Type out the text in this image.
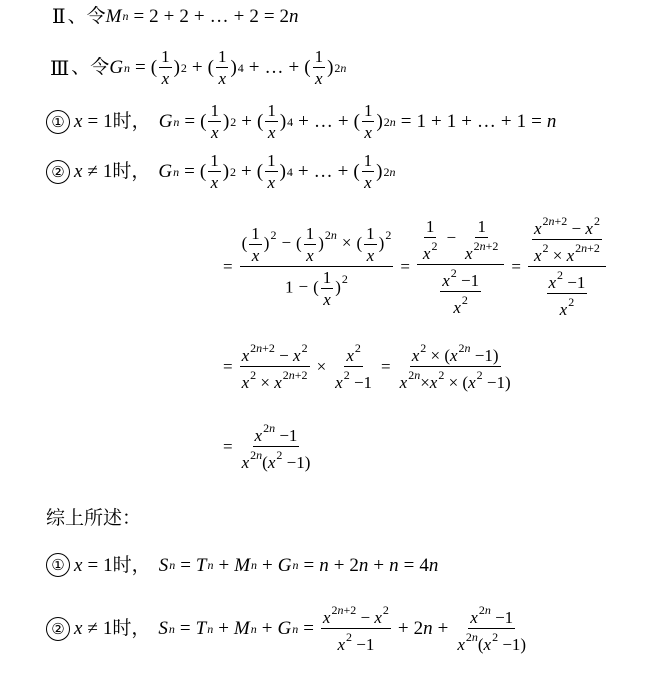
Ⅱ 、令 M n = 2 + 2 + … + 2 = 2 n
Ⅲ 、令 G n = ( $\frac{1}{x}$ ) 2 + ( $\frac{1}{x}$ ) 4 + … + ( $\frac{1}{x}$ ) 2n
① x = 1 时 ， G n = ( $\frac{1}{x}$ ) 2 + ( $\frac{1}{x}$ ) 4 + … + ( $\frac{1}{x}$ ) 2n = 1 + 1 + … + 1 = n
② x ≠ 1 时 ， G n = ( $\frac{1}{x}$ ) 2 + ( $\frac{1}{x}$ ) 4 + … + ( $\frac{1}{x}$ ) 2n
= $\frac{( \frac{1}{x} )^2 - ( \frac{1}{x} )^{2n} \times ( \frac{1}{x} )^2}{1 - ( \frac{1}{x} )^2} = \frac{\frac{1}{x^2} - \frac{1}{x^{2n+2}}}{\frac{x^2 -1}{x^2}} = \frac{\frac{x^{2n+2} - x^2}{x^2 \times x^{2n+2}}}{\frac{x^2 -1}{x^2}}$
= $\frac{x^{2n+2} - x^2}{x^2 \times x^{2n+2}} \times \frac{x^2}{x^2 -1} = \frac{x^2 \times (x^{2n} -1)}{x^{2n}\times x^2 \times (x^2 -1)}$
= $\frac{x^{2n} -1}{x^{2n}(x^2 -1)}$
综上所述：
① x = 1 时 ， S n = T n + M n + G n = n + 2 n + n = 4 n
② x ≠ 1 时 ， S n = T n + M n + G $n = \frac{x^{2n+2} - x^2}{x^2 -1} + 2$ $n + \frac{x^{2n} -1}{x^{2n}(x^2 -1)}$
